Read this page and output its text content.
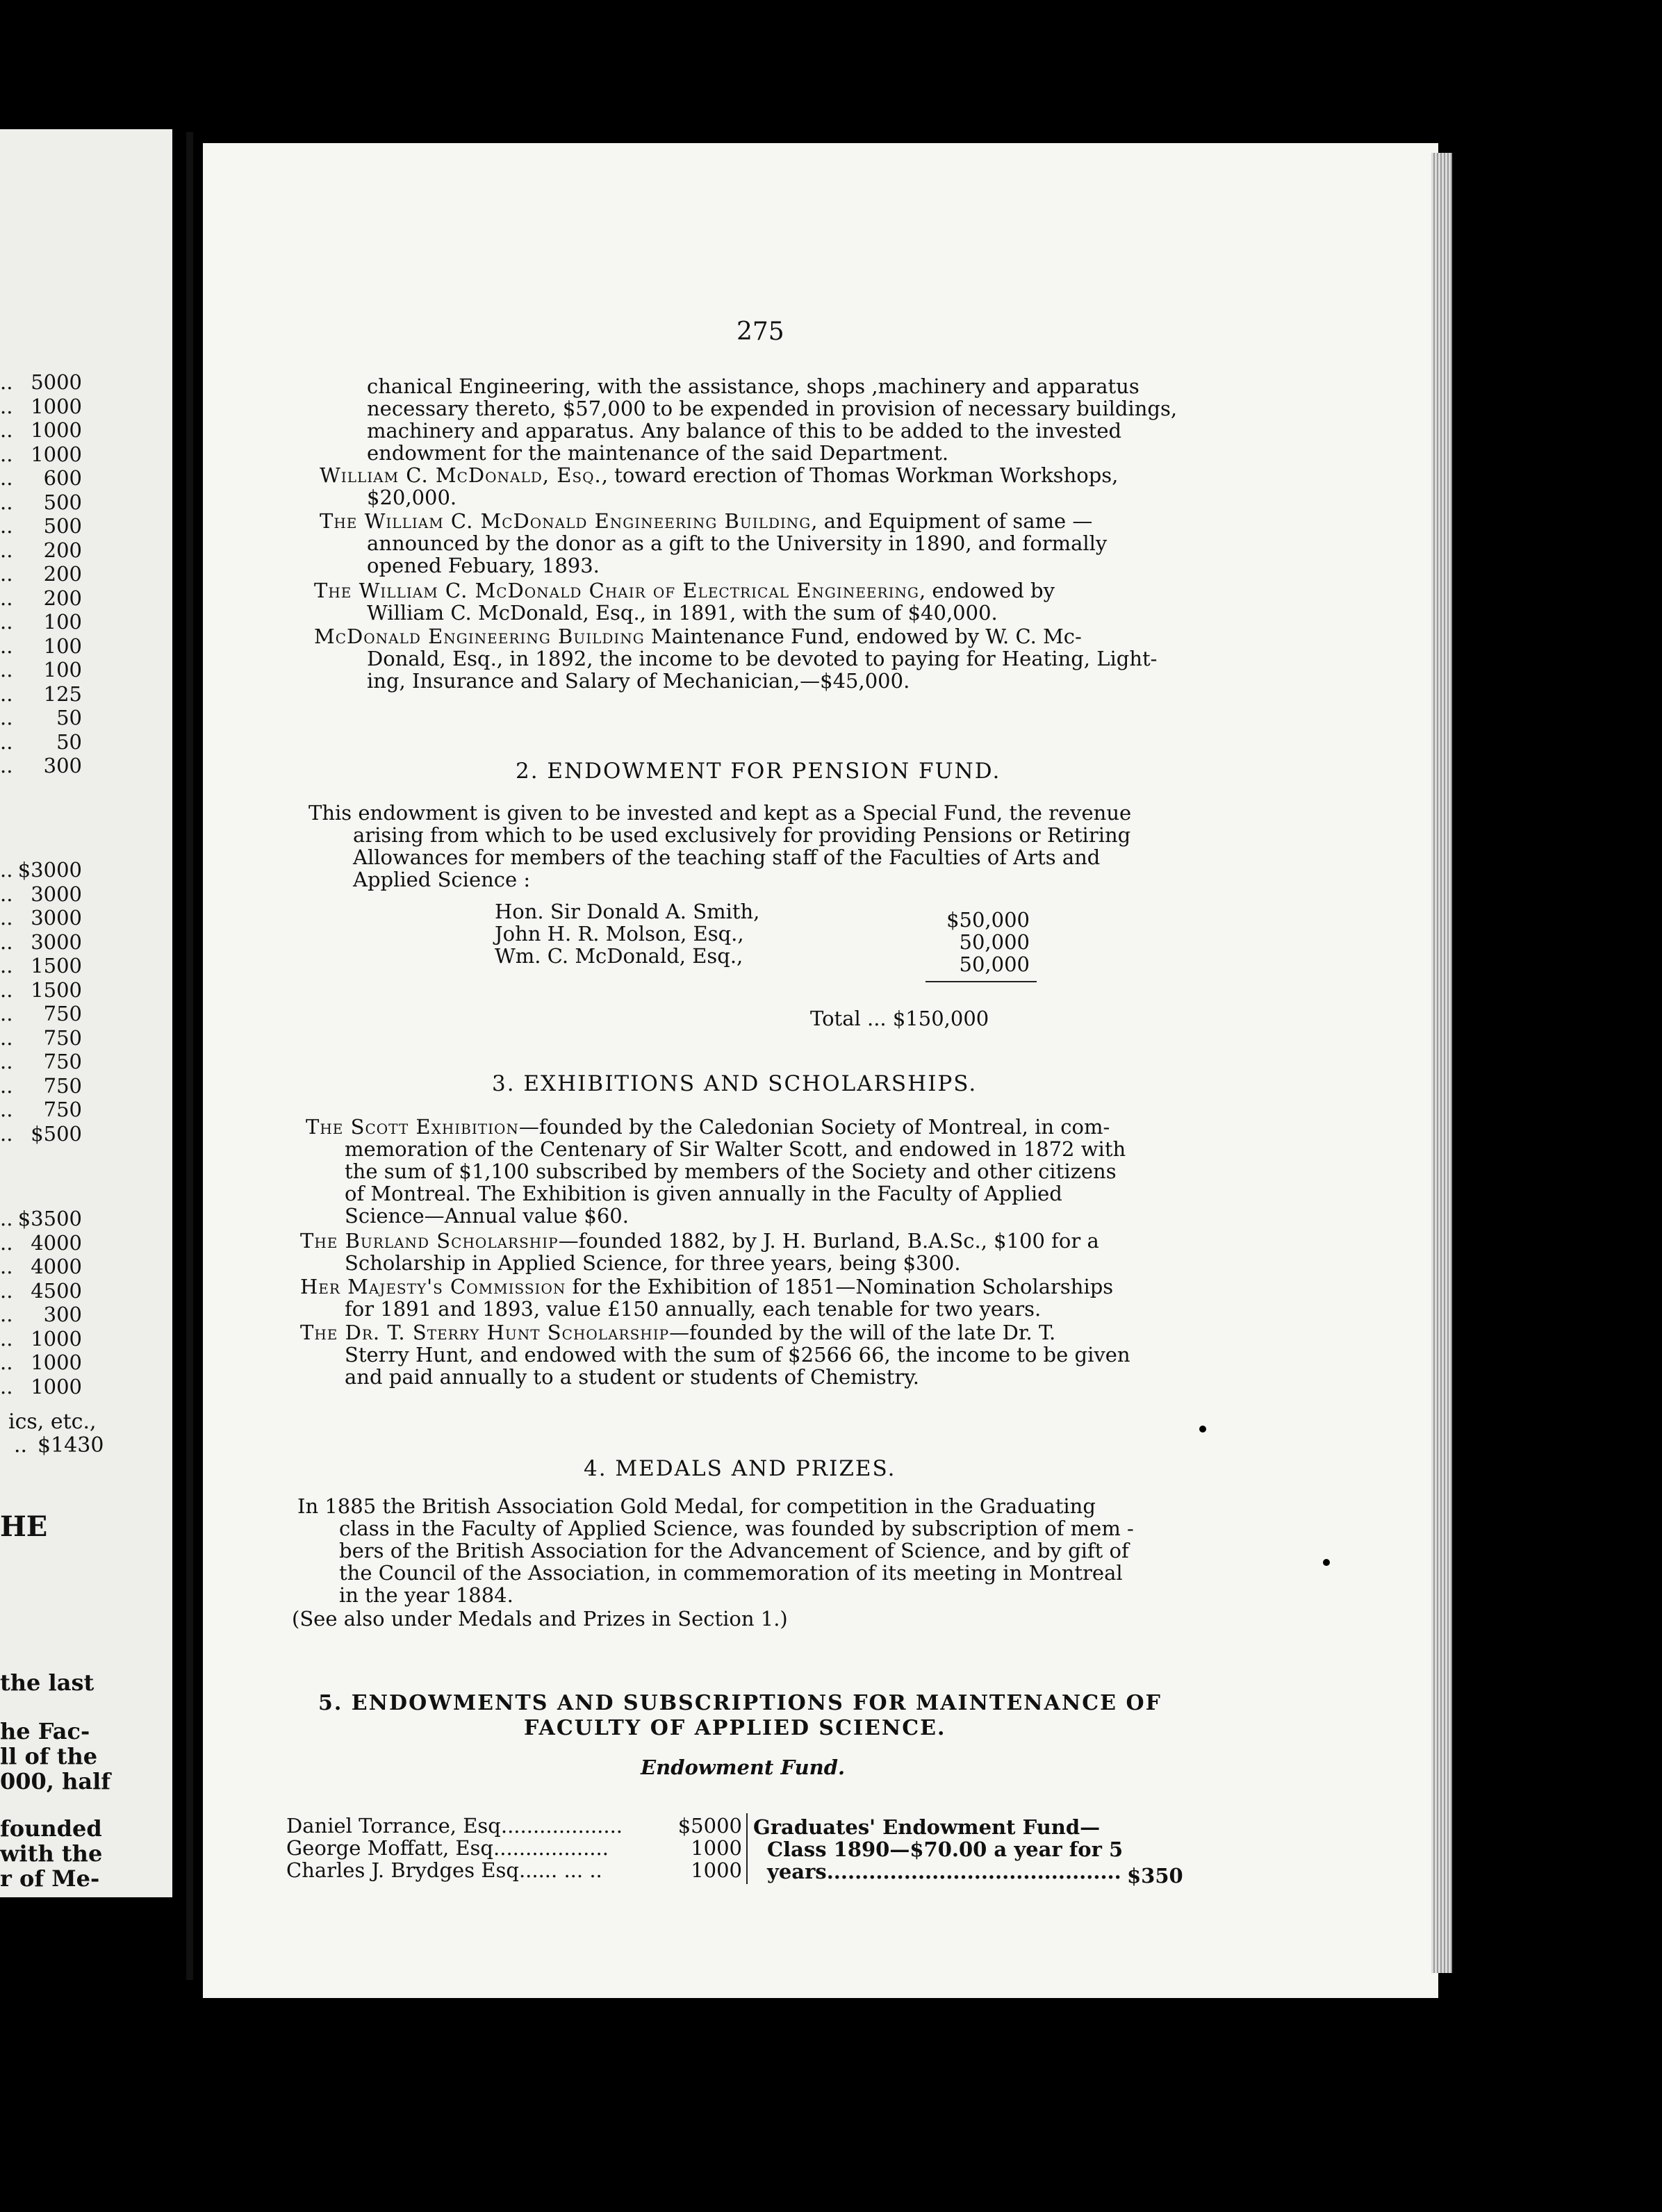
.. 5000
.. 1000
.. 1000
.. 1000
..	600
..	500
..	500
..	200
..	200
..	200
..	100
..	100
..	100
..	125
..	50
..	50
..	300
.. $3000
.. 3000
.. 3000
.. 3000
.. 1500
.. 1500
..	750
..	750
..	750
..	750
..	750
.. $500
.. $3500
.. 4000
.. 4000
.. 4500
..	300
.. 1000
.. 1000
.. 1000
ics, etc.,
.. $1430
HE
the last
he Fac-
ll of the
000, half
founded
with the
r of Me-
275
chanical Engineering, with the assistance, shops ,machinery and apparatus
necessary thereto, $57,000 to be expended in provision of necessary buildings,
machinery and apparatus. Any balance of this to be added to the invested
endowment for the maintenance of the said Department.
William C. McDonald, Esq., toward erection of Thomas Workman Workshops,
$20,000.
The William C. McDonald Engineering Building, and Equipment of same —
announced by the donor as a gift to the University in 1890, and formally
opened Febuary, 1893.
The William C. McDonald Chair of Electrical Engineering, endowed by
William C. McDonald, Esq., in 1891, with the sum of $40,000.
McDonald Engineering Building Maintenance Fund, endowed by W. C. Mc-
Donald, Esq., in 1892, the income to be devoted to paying for Heating, Light-
ing, Insurance and Salary of Mechanician,—$45,000.
2. ENDOWMENT FOR PENSION FUND.
This endowment is given to be invested and kept as a Special Fund, the revenue
arising from which to be used exclusively for providing Pensions or Retiring
Allowances for members of the teaching staff of the Faculties of Arts and
Applied Science :
Hon. Sir Donald A. Smith,	$50,000
John H. R. Molson, Esq.,	50,000
Wm. C. McDonald, Esq.,	50,000
Total ... $150,000
3. EXHIBITIONS AND SCHOLARSHIPS.
The Scott Exhibition—founded by the Caledonian Society of Montreal, in com-
memoration of the Centenary of Sir Walter Scott, and endowed in 1872 with
the sum of $1,100 subscribed by members of the Society and other citizens
of Montreal. The Exhibition is given annually in the Faculty of Applied
Science—Annual value $60.
The Burland Scholarship—founded 1882, by J. H. Burland, B.A.Sc., $100 for a
Scholarship in Applied Science, for three years, being $300.
Her Majesty's Commission for the Exhibition of 1851—Nomination Scholarships
for 1891 and 1893, value £150 annually, each tenable for two years.
The Dr. T. Sterry Hunt Scholarship—founded by the will of the late Dr. T.
Sterry Hunt, and endowed with the sum of $2566 66, the income to be given
and paid annually to a student or students of Chemistry.
4. MEDALS AND PRIZES.
In 1885 the British Association Gold Medal, for competition in the Graduating
class in the Faculty of Applied Science, was founded by subscription of mem -
bers of the British Association for the Advancement of Science, and by gift of
the Council of the Association, in commemoration of its meeting in Montreal
in the year 1884.
(See also under Medals and Prizes in Section 1.)
5. ENDOWMENTS AND SUBSCRIPTIONS FOR MAINTENANCE OF
FACULTY OF APPLIED SCIENCE.
Endowment Fund.
Daniel Torrance, Esq...................	$5000
George Moffatt, Esq..................	1000
Charles J. Brydges Esq...... ... ..	1000
Graduates' Endowment Fund—
Class 1890—$70.00 a year for 5
years.......................................... $350
